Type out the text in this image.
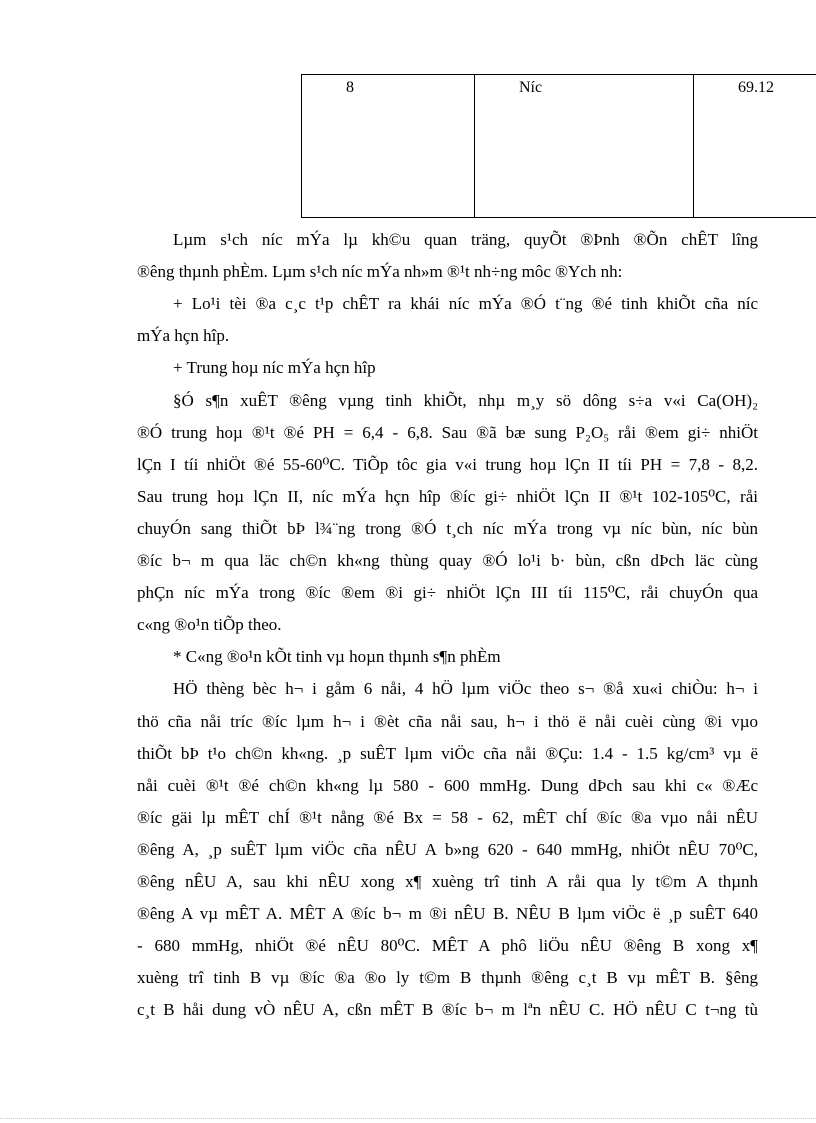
8	Níc	69.12
Lµm s¹ch níc mÝa lµ kh©u quan träng, quyÕt ®Þnh ®Õn chÊT lîng
®êng thµnh phÈm. Lµm s¹ch níc mÝa nh»m ®¹t nh÷ng môc ®Ych nh:
+ Lo¹i tèi ®a c¸c t¹p chÊT ra khái níc mÝa ®Ó t¨ng ®é tinh khiÕt cña níc
mÝa hçn hîp.
+ Trung hoµ níc mÝa hçn hîp
§Ó s¶n xuÊT ®êng vµng tinh khiÕt, nhµ m¸y sö dông s÷a v«i Ca(OH)₂
®Ó trung hoµ ®¹t ®é PH = 6,4 - 6,8. Sau ®ã bæ sung P₂O₅ råi ®em gi÷ nhiÖt
lÇn I tíi nhiÖt ®é 55-60⁰C. TiÕp tôc gia v«i trung hoµ lÇn II tíi PH = 7,8 - 8,2.
Sau trung hoµ lÇn II, níc mÝa hçn hîp ®íc gi÷ nhiÖt lÇn II ®¹t 102-105⁰C, råi
chuyÓn sang thiÕt bÞ l¾¨ng trong ®Ó t¸ch níc mÝa trong vµ níc bùn, níc bùn
®íc b¬ m qua läc ch©n kh«ng thùng quay ®Ó lo¹i b· bùn, cßn dÞch läc cùng
phÇn níc mÝa trong ®íc ®em ®i gi÷ nhiÖt lÇn III tíi 115⁰C, råi chuyÓn qua
c«ng ®o¹n tiÕp theo.
* C«ng ®o¹n kÕt tinh vµ hoµn thµnh s¶n phÈm
HÖ thèng bèc h¬ i gåm 6 nåi, 4 hÖ lµm viÖc theo s¬ ®å xu«i chiÒu: h¬ i
thö cña nåi tríc ®íc lµm h¬ i ®èt cña nåi sau, h¬ i thö ë nåi cuèi cùng ®i vµo
thiÕt bÞ t¹o ch©n kh«ng. ¸p suÊT lµm viÖc cña nåi ®Çu: 1.4 - 1.5 kg/cm³ vµ ë
nåi cuèi ®¹t ®é ch©n kh«ng lµ 580 - 600 mmHg. Dung dÞch sau khi c« ®Æc
®íc gäi lµ mÊT chÍ ®¹t nång ®é Bx = 58 - 62, mÊT chÍ ®íc ®a vµo nåi nÊU
®êng A, ¸p suÊT lµm viÖc cña nÊU A b»ng 620 - 640 mmHg, nhiÖt nÊU 70⁰C,
®êng nÊU A, sau khi nÊU xong x¶ xuèng trî tinh A råi qua ly t©m A thµnh
®êng A vµ mÊT A. MÊT A ®íc b¬ m ®i nÊU B. NÊU B lµm viÖc ë ¸p suÊT 640
- 680 mmHg, nhiÖt ®é nÊU 80⁰C. MÊT A phô liÖu nÊU ®êng B xong x¶
xuèng trî tinh B vµ ®íc ®a ®o ly t©m B thµnh ®êng c¸t B vµ mÊT B. §êng
c¸t B håi dung vÒ nÊU A, cßn mÊT B ®íc b¬ m lªn nÊU C. HÖ nÊU C t¬ng tù
